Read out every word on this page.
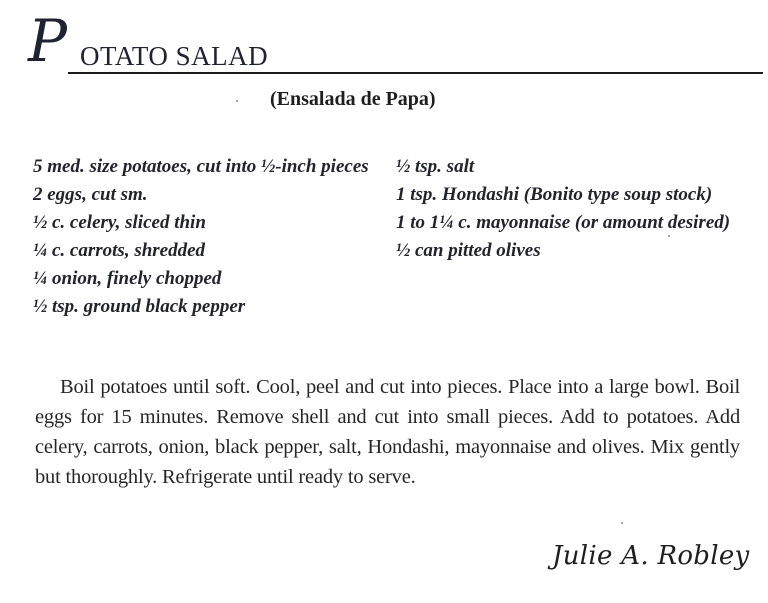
P OTATO SALAD
(Ensalada de Papa)

5 med. size potatoes, cut into ½-inch pieces

2 eggs, cut sm.

½ c. celery, sliced thin

¼ c. carrots, shredded

¼ onion, finely chopped

½ tsp. ground black pepper

½ tsp. salt

1 tsp. Hondashi (Bonito type soup stock)

1 to 1¼ c. mayonnaise (or amount desired)

½ can pitted olives

Boil potatoes until soft. Cool, peel and cut into pieces. Place into a large bowl. Boil eggs for 15 minutes. Remove shell and cut into small pieces. Add to potatoes. Add celery, carrots, onion, black pepper, salt, Hondashi, mayonnaise and olives. Mix gently but thoroughly. Refrigerate until ready to serve.
Julie A. Robley
